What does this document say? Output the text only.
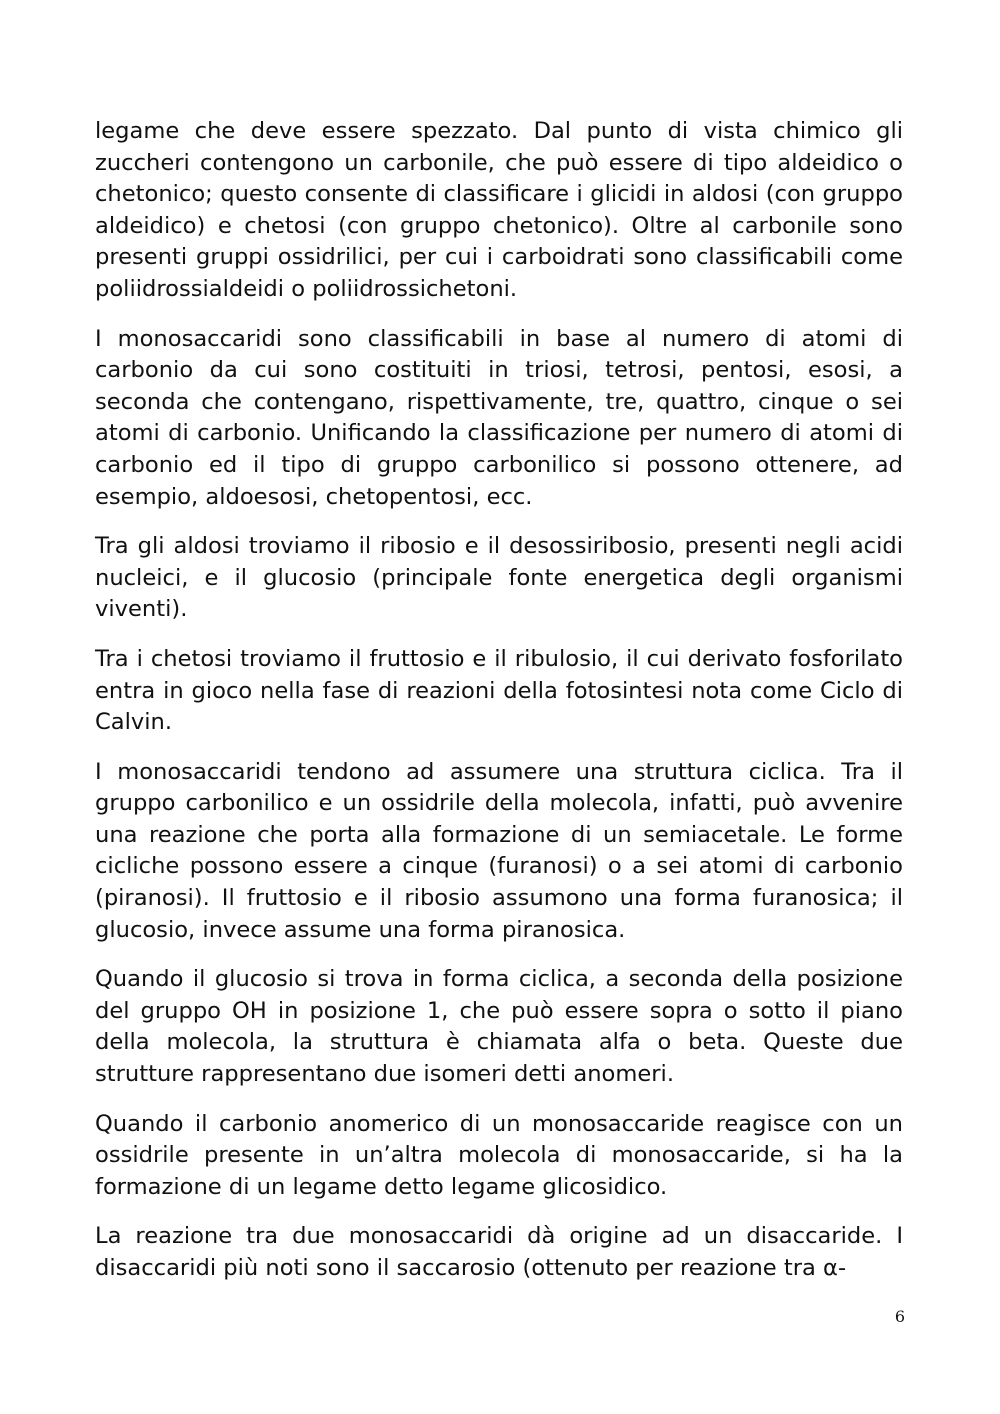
legame che deve essere spezzato. Dal punto di vista chimico gli zuccheri contengono un carbonile, che può essere di tipo aldeidico o chetonico; questo consente di classificare i glicidi in aldosi (con gruppo aldeidico) e chetosi (con gruppo chetonico). Oltre al carbonile sono presenti gruppi ossidrilici, per cui i carboidrati sono classificabili come poliidrossialdeidi o poliidrossichetoni.

I monosaccaridi sono classificabili in base al numero di atomi di carbonio da cui sono costituiti in triosi, tetrosi, pentosi, esosi, a seconda che contengano, rispettivamente, tre, quattro, cinque o sei atomi di carbonio. Unificando la classificazione per numero di atomi di carbonio ed il tipo di gruppo carbonilico si possono ottenere, ad esempio, aldoesosi, chetopentosi, ecc.

Tra gli aldosi troviamo il ribosio e il desossiribosio, presenti negli acidi nucleici, e il glucosio (principale fonte energetica degli organismi viventi).

Tra i chetosi troviamo il fruttosio e il ribulosio, il cui derivato fosforilato entra in gioco nella fase di reazioni della fotosintesi nota come Ciclo di Calvin.

I monosaccaridi tendono ad assumere una struttura ciclica. Tra il gruppo carbonilico e un ossidrile della molecola, infatti, può avvenire una reazione che porta alla formazione di un semiacetale. Le forme cicliche possono essere a cinque (furanosi) o a sei atomi di carbonio (piranosi). Il fruttosio e il ribosio assumono una forma furanosica; il glucosio, invece assume una forma piranosica.

Quando il glucosio si trova in forma ciclica, a seconda della posizione del gruppo OH in posizione 1, che può essere sopra o sotto il piano della molecola, la struttura è chiamata alfa o beta. Queste due strutture rappresentano due isomeri detti anomeri.

Quando il carbonio anomerico di un monosaccaride reagisce con un ossidrile presente in un’altra molecola di monosaccaride, si ha la formazione di un legame detto legame glicosidico.

La reazione tra due monosaccaridi dà origine ad un disaccaride. I disaccaridi più noti sono il saccarosio (ottenuto per reazione tra α-

6
